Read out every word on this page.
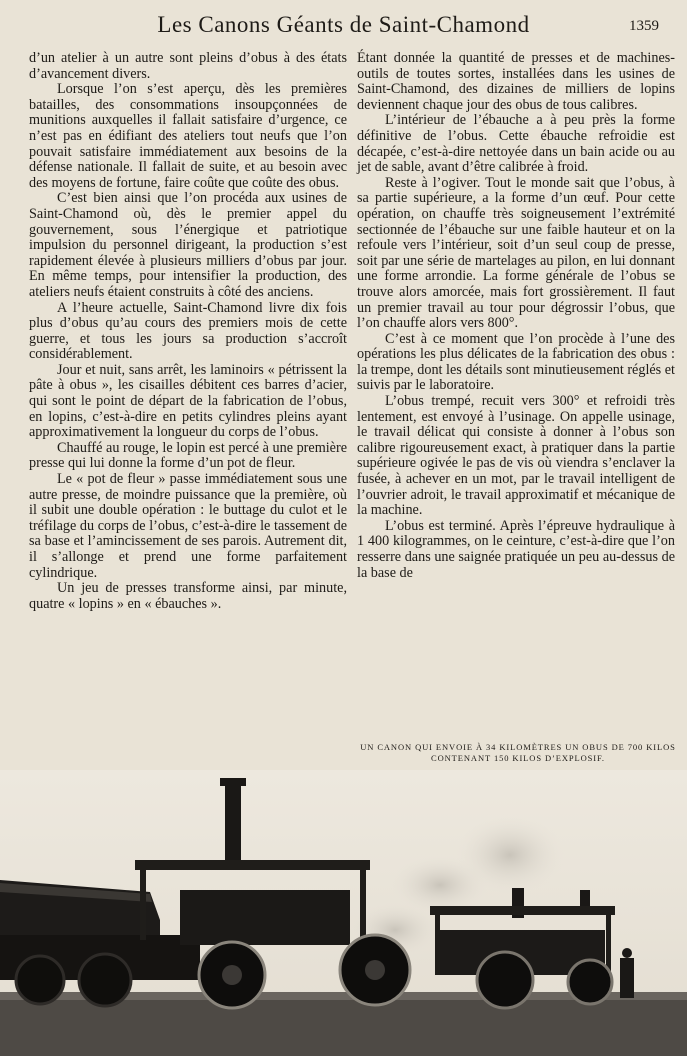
Les Canons Géants de Saint-Chamond	1359

d’un atelier à un autre sont pleins d’obus à des états d’avancement divers.

Lorsque l’on s’est aperçu, dès les premières batailles, des consommations insoupçonnées de munitions auxquelles il fallait satisfaire d’urgence, ce n’est pas en édifiant des ateliers tout neufs que l’on pouvait satisfaire immédiatement aux besoins de la défense nationale. Il fallait de suite, et au besoin avec des moyens de fortune, faire coûte que coûte des obus.

C’est bien ainsi que l’on procéda aux usines de Saint-Chamond où, dès le premier appel du gouvernement, sous l’énergique et patriotique impulsion du personnel dirigeant, la production s’est rapidement élevée à plusieurs milliers d’obus par jour. En même temps, pour intensifier la production, des ateliers neufs étaient construits à côté des anciens.

A l’heure actuelle, Saint-Chamond livre dix fois plus d’obus qu’au cours des premiers mois de cette guerre, et tous les jours sa production s’accroît considérablement.

Jour et nuit, sans arrêt, les laminoirs « pétrissent la pâte à obus », les cisailles débitent ces barres d’acier, qui sont le point de départ de la fabrication de l’obus, en lopins, c’est-à-dire en petits cylindres pleins ayant approximativement la longueur du corps de l’obus.

Chauffé au rouge, le lopin est percé à une première presse qui lui donne la forme d’un pot de fleur.

Le « pot de fleur » passe immédiatement sous une autre presse, de moindre puissance que la première, où il subit une double opération : le buttage du culot et le tréfilage du corps de l’obus, c’est-à-dire le tassement de sa base et l’amincissement de ses parois. Autrement dit, il s’allonge et prend une forme parfaitement cylindrique.

Un jeu de presses transforme ainsi, par minute, quatre « lopins » en « ébauches ».

Étant donnée la quantité de presses et de machines-outils de toutes sortes, installées dans les usines de Saint-Chamond, des dizaines de milliers de lopins deviennent chaque jour des obus de tous calibres.

L’intérieur de l’ébauche a à peu près la forme définitive de l’obus. Cette ébauche refroidie est décapée, c’est-à-dire nettoyée dans un bain acide ou au jet de sable, avant d’être calibrée à froid.

Reste à l’ogiver. Tout le monde sait que l’obus, à sa partie supérieure, a la forme d’un œuf. Pour cette opération, on chauffe très soigneusement l’extrémité sectionnée de l’ébauche sur une faible hauteur et on la refoule vers l’intérieur, soit d’un seul coup de presse, soit par une série de martelages au pilon, en lui donnant une forme arrondie. La forme générale de l’obus se trouve alors amorcée, mais fort grossièrement. Il faut un premier travail au tour pour dégrossir l’obus, que l’on chauffe alors vers 800°.

C’est à ce moment que l’on procède à l’une des opérations les plus délicates de la fabrication des obus : la trempe, dont les détails sont minutieusement réglés et suivis par le laboratoire.

L’obus trempé, recuit vers 300° et refroidi très lentement, est envoyé à l’usinage. On appelle usinage, le travail délicat qui consiste à donner à l’obus son calibre rigoureusement exact, à pratiquer dans la partie supérieure ogivée le pas de vis où viendra s’enclaver la fusée, à achever en un mot, par le travail intelligent de l’ouvrier adroit, le travail approximatif et mécanique de la machine.

L’obus est terminé. Après l’épreuve hydraulique à 1 400 kilogrammes, on le ceinture, c’est-à-dire que l’on resserre dans une saignée pratiquée un peu au-dessus de la base de

UN CANON QUI ENVOIE À 34 KILOMÈTRES UN OBUS DE 700 KILOS CONTENANT 150 KILOS D’EXPLOSIF.
